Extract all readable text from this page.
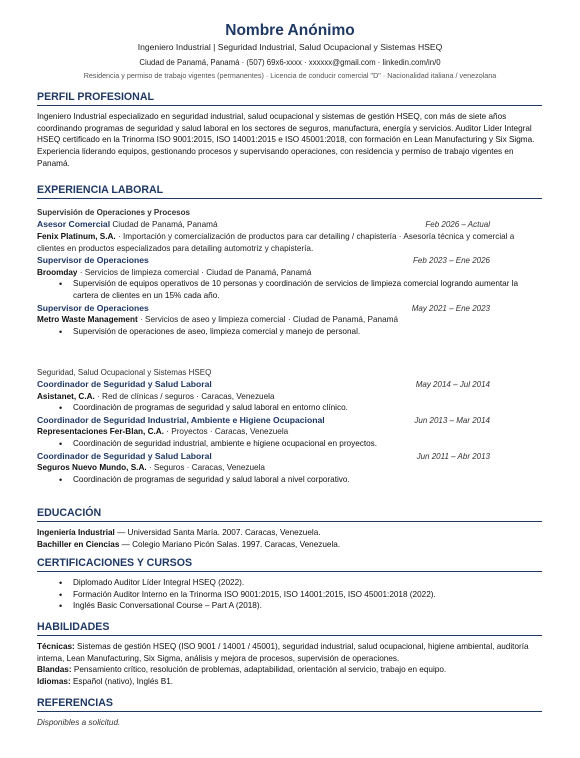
Nombre Anónimo
Ingeniero Industrial | Seguridad Industrial, Salud Ocupacional y Sistemas HSEQ
Ciudad de Panamá, Panamá · (507) 69x6-xxxx · xxxxxx@gmail.com · linkedin.com/in/0
Residencia y permiso de trabajo vigentes (permanentes) · Licencia de conducir comercial "D" · Nacionalidad italiana / venezolana
PERFIL PROFESIONAL
Ingeniero Industrial especializado en seguridad industrial, salud ocupacional y sistemas de gestión HSEQ, con más de siete años coordinando programas de seguridad y salud laboral en los sectores de seguros, manufactura, energía y servicios. Auditor Líder Integral HSEQ certificado en la Trinorma ISO 9001:2015, ISO 14001:2015 e ISO 45001:2018, con formación en Lean Manufacturing y Six Sigma. Experiencia liderando equipos, gestionando procesos y supervisando operaciones, con residencia y permiso de trabajo vigentes en Panamá.
EXPERIENCIA LABORAL
Supervisión de Operaciones y Procesos
Asesor Comercial Ciudad de Panamá, Panamá	Feb 2026 – Actual
Fenix Platinum, S.A. · Importación y comercialización de productos para car detailing / chapistería · Asesoría técnica y comercial a clientes en productos especializados para detailing automotriz y chapistería.
Supervisor de Operaciones	Feb 2023 – Ene 2026
Broomday · Servicios de limpieza comercial · Ciudad de Panamá, Panamá
• Supervisión de equipos operativos de 10 personas y coordinación de servicios de limpieza comercial logrando aumentar la cartera de clientes en un 15% cada año.
Supervisor de Operaciones	May 2021 – Ene 2023
Metro Waste Management · Servicios de aseo y limpieza comercial · Ciudad de Panamá, Panamá
• Supervisión de operaciones de aseo, limpieza comercial y manejo de personal.
Seguridad, Salud Ocupacional y Sistemas HSEQ
Coordinador de Seguridad y Salud Laboral	May 2014 – Jul 2014
Asistanet, C.A. · Red de clínicas / seguros · Caracas, Venezuela
• Coordinación de programas de seguridad y salud laboral en entorno clínico.
Coordinador de Seguridad Industrial, Ambiente e Higiene Ocupacional	Jun 2013 – Mar 2014
Representaciones Fer-Blan, C.A. · Proyectos · Caracas, Venezuela
• Coordinación de seguridad industrial, ambiente e higiene ocupacional en proyectos.
Coordinador de Seguridad y Salud Laboral	Jun 2011 – Abr 2013
Seguros Nuevo Mundo, S.A. · Seguros · Caracas, Venezuela
• Coordinación de programas de seguridad y salud laboral a nivel corporativo.
EDUCACIÓN
Ingeniería Industrial — Universidad Santa María. 2007. Caracas, Venezuela.
Bachiller en Ciencias — Colegio Mariano Picón Salas. 1997. Caracas, Venezuela.
CERTIFICACIONES Y CURSOS
• Diplomado Auditor Líder Integral HSEQ (2022).
• Formación Auditor Interno en la Trinorma ISO 9001:2015, ISO 14001:2015, ISO 45001:2018 (2022).
• Inglés Basic Conversational Course – Part A (2018).
HABILIDADES
Técnicas: Sistemas de gestión HSEQ (ISO 9001 / 14001 / 45001), seguridad industrial, salud ocupacional, higiene ambiental, auditoría interna, Lean Manufacturing, Six Sigma, análisis y mejora de procesos, supervisión de operaciones.
Blandas: Pensamiento crítico, resolución de problemas, adaptabilidad, orientación al servicio, trabajo en equipo.
Idiomas: Español (nativo), Inglés B1.
REFERENCIAS
Disponibles a solicitud.
